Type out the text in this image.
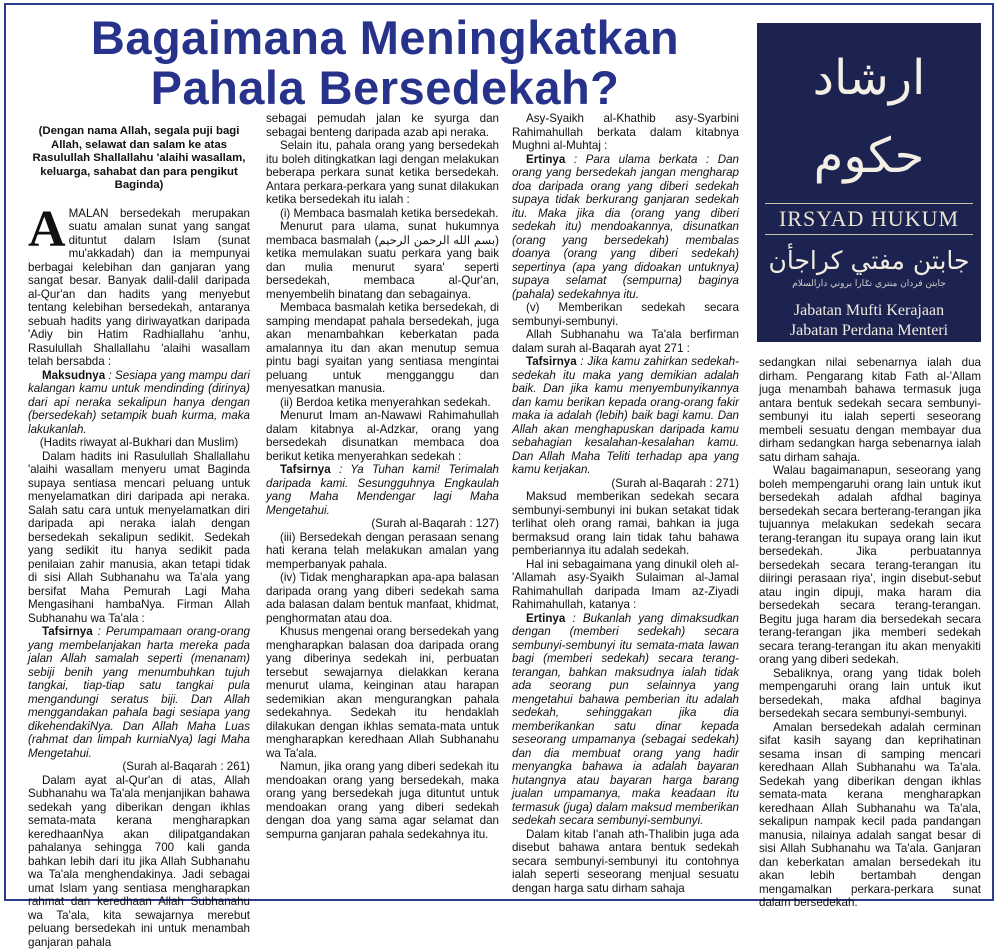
Bagaimana Meningkatkan Pahala Bersedekah?	ارشاد حكوم
IRSYAD HUKUM
جابتن مفتي كراجأن
جابتن فردان منتري نݢارا بروني دارالسلام
Jabatan Mufti Kerajaan
Jabatan Perdana Menteri
(Dengan nama Allah, segala puji bagi Allah, selawat dan salam ke atas Rasulullah Shallallahu 'alaihi wasallam, keluarga, sahabat dan para pengikut Baginda)

AMALAN bersedekah merupakan suatu amalan sunat yang sangat dituntut dalam Islam (sunat mu'akkadah) dan ia mempunyai berbagai kelebihan dan ganjaran yang sangat besar. Banyak dalil-dalil daripada al-Qur'an dan hadits yang menyebut tentang kelebihan bersedekah, antaranya sebuah hadits yang diriwayatkan daripada 'Adiy bin Hatim Radhiallahu 'anhu, Rasulullah Shallallahu 'alaihi wasallam telah bersabda :

Maksudnya : Sesiapa yang mampu dari kalangan kamu untuk mendinding (dirinya) dari api neraka sekalipun hanya dengan (bersedekah) setampik buah kurma, maka lakukanlah.

(Hadits riwayat al-Bukhari dan Muslim)

Dalam hadits ini Rasulullah Shallallahu 'alaihi wasallam menyeru umat Baginda supaya sentiasa mencari peluang untuk menyelamatkan diri daripada api neraka. Salah satu cara untuk menyelamatkan diri daripada api neraka ialah dengan bersedekah sekalipun sedikit. Sedekah yang sedikit itu hanya sedikit pada penilaian zahir manusia, akan tetapi tidak di sisi Allah Subhanahu wa Ta'ala yang bersifat Maha Pemurah Lagi Maha Mengasihani hambaNya. Firman Allah Subhanahu wa Ta'ala :

Tafsirnya : Perumpamaan orang-orang yang membelanjakan harta mereka pada jalan Allah samalah seperti (menanam) sebiji benih yang menumbuhkan tujuh tangkai, tiap-tiap satu tangkai pula mengandungi seratus biji. Dan Allah menggandakan pahala bagi sesiapa yang dikehendakiNya. Dan Allah Maha Luas (rahmat dan limpah kurniaNya) lagi Maha Mengetahui.

(Surah al-Baqarah : 261)

Dalam ayat al-Qur'an di atas, Allah Subhanahu wa Ta'ala menjanjikan bahawa sedekah yang diberikan dengan ikhlas semata-mata kerana mengharapkan keredhaanNya akan dilipatgandakan pahalanya sehingga 700 kali ganda bahkan lebih dari itu jika Allah Subhanahu wa Ta'ala menghendakinya. Jadi sebagai umat Islam yang sentiasa mengharapkan rahmat dan keredhaan Allah Subhanahu wa Ta'ala, kita sewajarnya merebut peluang bersedekah ini untuk menambah ganjaran pahala

sebagai pemudah jalan ke syurga dan sebagai benteng daripada azab api neraka.

Selain itu, pahala orang yang bersedekah itu boleh ditingkatkan lagi dengan melakukan beberapa perkara sunat ketika bersedekah. Antara perkara-perkara yang sunat dilakukan ketika bersedekah itu ialah :

(i) Membaca basmalah ketika bersedekah.

Menurut para ulama, sunat hukumnya membaca basmalah (بسم الله الرحمن الرحيم) ketika memulakan suatu perkara yang baik dan mulia menurut syara' seperti bersedekah, membaca al-Qur'an, menyembelih binatang dan sebagainya.

Membaca basmalah ketika bersedekah, di samping mendapat pahala bersedekah, juga akan menambahkan keberkatan pada amalannya itu dan akan menutup semua pintu bagi syaitan yang sentiasa mengintai peluang untuk mengganggu dan menyesatkan manusia.

(ii) Berdoa ketika menyerahkan sedekah.

Menurut Imam an-Nawawi Rahimahullah dalam kitabnya al-Adzkar, orang yang bersedekah disunatkan membaca doa berikut ketika menyerahkan sedekah :

Tafsirnya : Ya Tuhan kami! Terimalah daripada kami. Sesungguhnya Engkaulah yang Maha Mendengar lagi Maha Mengetahui.

(Surah al-Baqarah : 127)

(iii) Bersedekah dengan perasaan senang hati kerana telah melakukan amalan yang memperbanyak pahala.

(iv) Tidak mengharapkan apa-apa balasan daripada orang yang diberi sedekah sama ada balasan dalam bentuk manfaat, khidmat, penghormatan atau doa.

Khusus mengenai orang bersedekah yang mengharapkan balasan doa daripada orang yang diberinya sedekah ini, perbuatan tersebut sewajarnya dielakkan kerana menurut ulama, keinginan atau harapan sedemikian akan mengurangkan pahala sedekahnya. Sedekah itu hendaklah dilakukan dengan ikhlas semata-mata untuk mengharapkan keredhaan Allah Subhanahu wa Ta'ala.

Namun, jika orang yang diberi sedekah itu mendoakan orang yang bersedekah, maka orang yang bersedekah juga dituntut untuk mendoakan orang yang diberi sedekah dengan doa yang sama agar selamat dan sempurna ganjaran pahala sedekahnya itu.

Asy-Syaikh al-Khathib asy-Syarbini Rahimahullah berkata dalam kitabnya Mughni al-Muhtaj :

Ertinya : Para ulama berkata : Dan orang yang bersedekah jangan mengharap doa daripada orang yang diberi sedekah supaya tidak berkurang ganjaran sedekah itu. Maka jika dia (orang yang diberi sedekah itu) mendoakannya, disunatkan (orang yang bersedekah) membalas doanya (orang yang diberi sedekah) sepertinya (apa yang didoakan untuknya) supaya selamat (sempurna) baginya (pahala) sedekahnya itu.

(v) Memberikan sedekah secara sembunyi-sembunyi.

Allah Subhanahu wa Ta'ala berfirman dalam surah al-Baqarah ayat 271 :

Tafsirnya : Jika kamu zahirkan sedekah-sedekah itu maka yang demikian adalah baik. Dan jika kamu menyembunyikannya dan kamu berikan kepada orang-orang fakir maka ia adalah (lebih) baik bagi kamu. Dan Allah akan menghapuskan daripada kamu sebahagian kesalahan-kesalahan kamu. Dan Allah Maha Teliti terhadap apa yang kamu kerjakan.

(Surah al-Baqarah : 271)

Maksud memberikan sedekah secara sembunyi-sembunyi ini bukan setakat tidak terlihat oleh orang ramai, bahkan ia juga bermaksud orang lain tidak tahu bahawa pemberiannya itu adalah sedekah.

Hal ini sebagaimana yang dinukil oleh al-'Allamah asy-Syaikh Sulaiman al-Jamal Rahimahullah daripada Imam az-Ziyadi Rahimahullah, katanya :

Ertinya : Bukanlah yang dimaksudkan dengan (memberi sedekah) secara sembunyi-sembunyi itu semata-mata lawan bagi (memberi sedekah) secara terang-terangan, bahkan maksudnya ialah tidak ada seorang pun selainnya yang mengetahui bahawa pemberian itu adalah sedekah, sehinggakan jika dia memberikankan satu dinar kepada seseorang umpamanya (sebagai sedekah) dan dia membuat orang yang hadir menyangka bahawa ia adalah bayaran hutangnya atau bayaran harga barang jualan umpamanya, maka keadaan itu termasuk (juga) dalam maksud memberikan sedekah secara sembunyi-sembunyi.

Dalam kitab I'anah ath-Thalibin juga ada disebut bahawa antara bentuk sedekah secara sembunyi-sembunyi itu contohnya ialah seperti seseorang menjual sesuatu dengan harga satu dirham sahaja

sedangkan nilai sebenarnya ialah dua dirham. Pengarang kitab Fath al-'Allam juga menambah bahawa termasuk juga antara bentuk sedekah secara sembunyi-sembunyi itu ialah seperti seseorang membeli sesuatu dengan membayar dua dirham sedangkan harga sebenarnya ialah satu dirham sahaja.

Walau bagaimanapun, seseorang yang boleh mempengaruhi orang lain untuk ikut bersedekah adalah afdhal baginya bersedekah secara berterang-terangan jika tujuannya melakukan sedekah secara terang-terangan itu supaya orang lain ikut bersedekah. Jika perbuatannya bersedekah secara terang-terangan itu diiringi perasaan riya', ingin disebut-sebut atau ingin dipuji, maka haram dia bersedekah secara terang-terangan. Begitu juga haram dia bersedekah secara terang-terangan jika memberi sedekah secara terang-terangan itu akan menyakiti orang yang diberi sedekah.

Sebaliknya, orang yang tidak boleh mempengaruhi orang lain untuk ikut bersedekah, maka afdhal baginya bersedekah secara sembunyi-sembunyi.

Amalan bersedekah adalah cerminan sifat kasih sayang dan keprihatinan sesama insan di samping mencari keredhaan Allah Subhanahu wa Ta'ala. Sedekah yang diberikan dengan ikhlas semata-mata kerana mengharapkan keredhaan Allah Subhanahu wa Ta'ala, sekalipun nampak kecil pada pandangan manusia, nilainya adalah sangat besar di sisi Allah Subhanahu wa Ta'ala. Ganjaran dan keberkatan amalan bersedekah itu akan lebih bertambah dengan mengamalkan perkara-perkara sunat dalam bersedekah.
